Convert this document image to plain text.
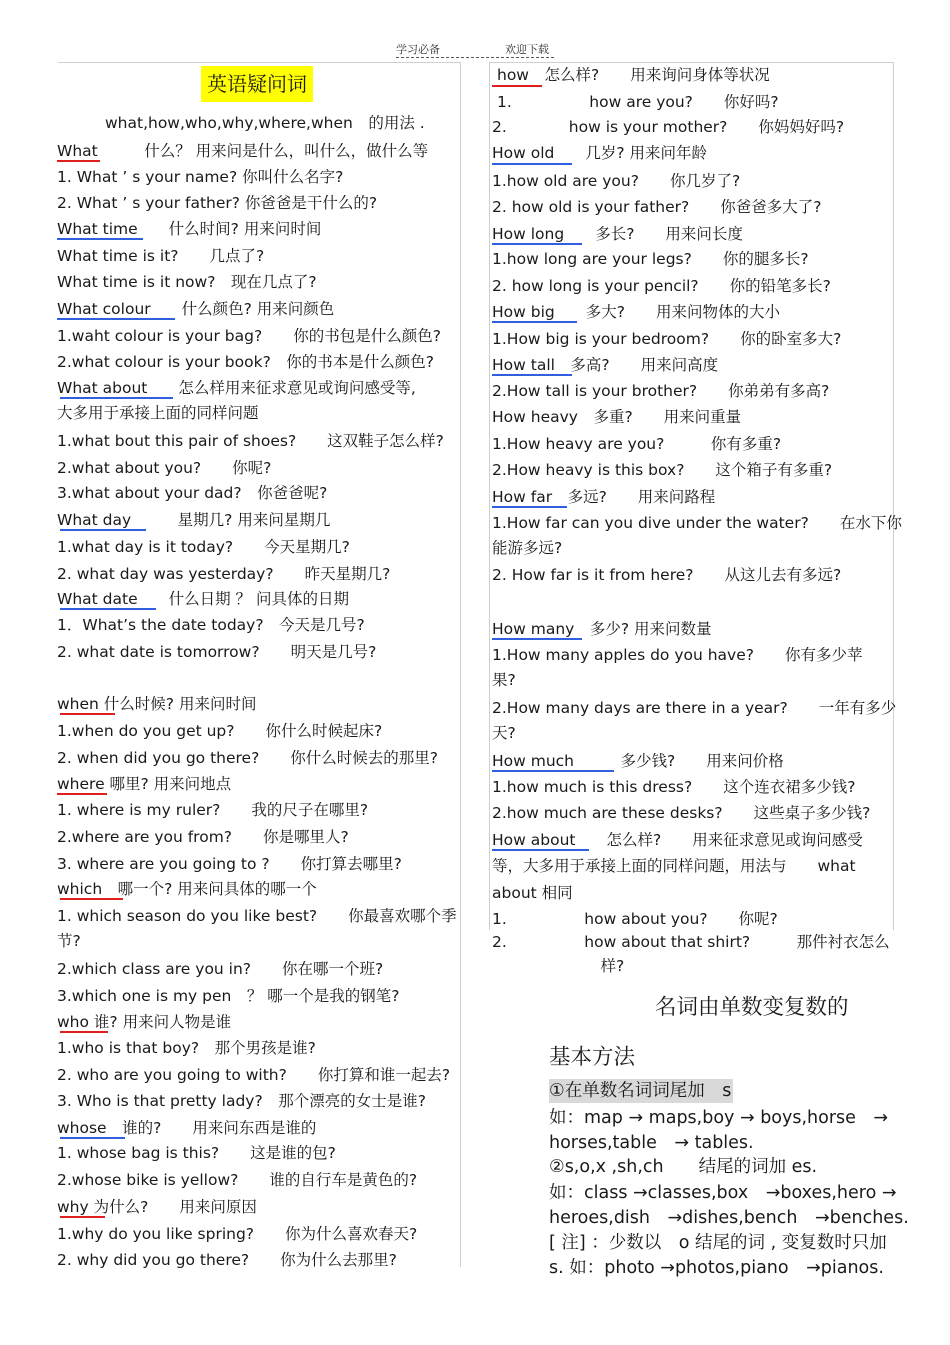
学习必备	欢迎下载
英语疑问词
what,how,who,why,where,when　的用法 .
What　　　什么？ 用来问是什么，叫什么，做什么等
1. What ’ s your name? 你叫什么名字?
2. What ’ s your father? 你爸爸是干什么的?
What time　　什么时间? 用来问时间
What time is it?　　几点了?
What time is it now?　现在几点了?
What colour　　什么颜色? 用来问颜色
1.waht colour is your bag?　　你的书包是什么颜色?
2.what colour is your book?　你的书本是什么颜色?
What about　　怎么样用来征求意见或询问感受等,
大多用于承接上面的同样问题
1.what bout this pair of shoes?　　这双鞋子怎么样?
2.what about you?　　你呢?
3.what about your dad?　你爸爸呢?
What day　　　星期几? 用来问星期几
1.what day is it today?　　今天星期几?
2. what day was yesterday?　　昨天星期几?
What date　　什么日期 ？ 问具体的日期
1．What’s the date today?　今天是几号?
2. what date is tomorrow?　　明天是几号?
when 什么时候? 用来问时间
1.when do you get up?　　你什么时候起床?
2. when did you go there?　　你什么时候去的那里?
where 哪里? 用来问地点
1. where is my ruler?　　我的尺子在哪里?
2.where are you from?　　你是哪里人?
3. where are you going to ?　　你打算去哪里?
which　哪一个? 用来问具体的哪一个
1. which season do you like best?　　你最喜欢哪个季
节?
2.which class are you in?　　你在哪一个班?
3.which one is my pen　？ 哪一个是我的钢笔?
who 谁? 用来问人物是谁
1.who is that boy?　那个男孩是谁?
2. who are you going to with?　　你打算和谁一起去?
3. Who is that pretty lady?　那个漂亮的女士是谁?
whose　谁的?　　用来问东西是谁的
1. whose bag is this?　　这是谁的包?
2.whose bike is yellow?　　谁的自行车是黄色的?
why 为什么?　　用来问原因
1.why do you like spring?　　你为什么喜欢春天?
2. why did you go there?　　你为什么去那里?
how　怎么样?　　用来询问身体等状况
1.　　　　　how are you?　　你好吗?
2.　　　　how is your mother?　　你妈妈好吗?
How old　　几岁? 用来问年龄
1.how old are you?　　你几岁了?
2. how old is your father?　　你爸爸多大了?
How long　　多长?　　用来问长度
1.how long are your legs?　　你的腿多长?
2. how long is your pencil?　　你的铅笔多长?
How big　　多大?　　用来问物体的大小
1.How big is your bedroom?　　你的卧室多大?
How tall　多高?　　用来问高度
2.How tall is your brother?　　你弟弟有多高?
How heavy　多重?　　用来问重量
1.How heavy are you?　　　你有多重?
2.How heavy is this box?　　这个箱子有多重?
How far　多远?　　用来问路程
1.How far can you dive under the water?　　在水下你
能游多远?
2. How far is it from here?　　从这儿去有多远?
How many　多少? 用来问数量
1.How many apples do you have?　　你有多少苹
果?
2.How many days are there in a year?　　一年有多少
天?
How much　　　多少钱?　　用来问价格
1.how much is this dress?　　这个连衣裙多少钱?
2.how much are these desks?　　这些桌子多少钱?
How about　　怎么样?　　用来征求意见或询问感受
等，大多用于承接上面的同样问题，用法与　　what
about 相同
1.　　　　　how about you?　　你呢?
2.　　　　　how about that shirt?　　　那件衬衣怎么
　　　　　　　样?
名词由单数变复数的
基本方法
①在单数名词词尾加　s
如：map → maps,boy → boys,horse　→
horses,table　→ tables.
②s,o,x ,sh,ch　　结尾的词加 es.
如：class →classes,box　→boxes,hero →
heroes,dish　→dishes,bench　→benches.
[ 注] ：少数以　o 结尾的词 , 变复数时只加
s. 如：photo →photos,piano　→pianos.
